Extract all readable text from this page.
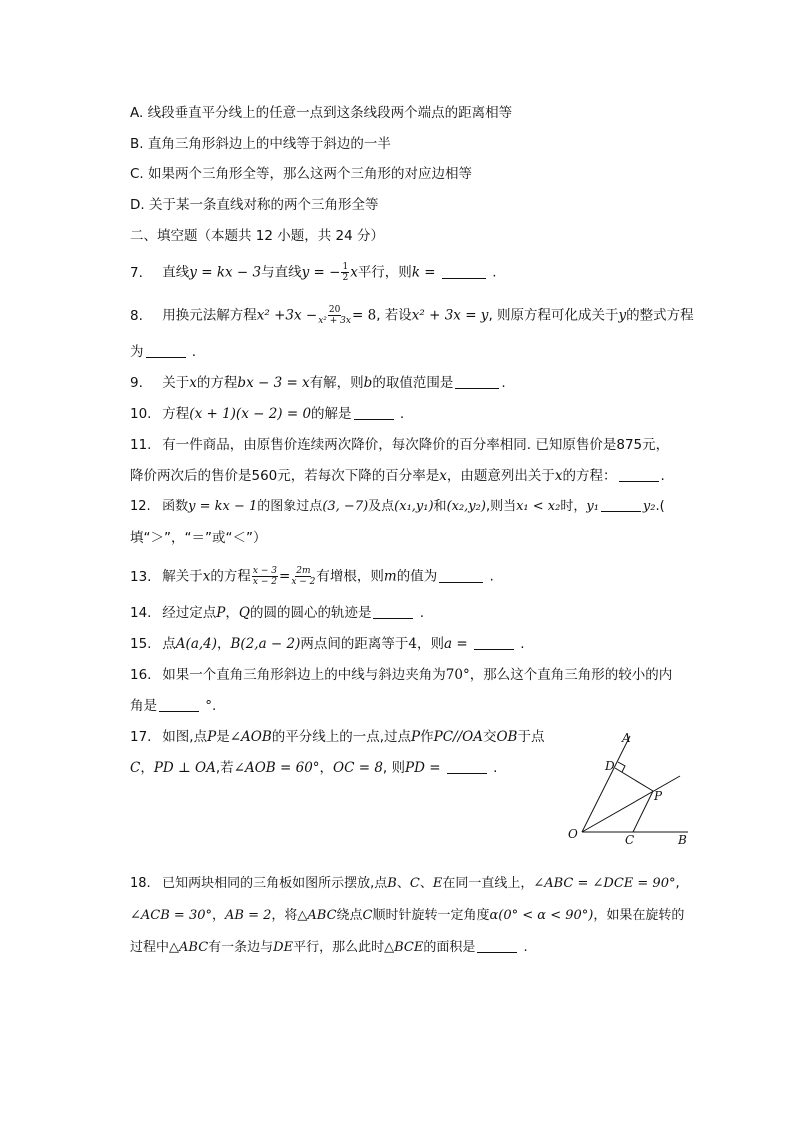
A. 线段垂直平分线上的任意一点到这条线段两个端点的距离相等
B. 直角三角形斜边上的中线等于斜边的一半
C. 如果两个三角形全等，那么这两个三角形的对应边相等
D. 关于某一条直线对称的两个三角形全等
二、填空题（本题共 12 小题，共 24 分）
7. 直线y = kx − 3与直线y = − $\frac{1}{2}$ x平行，则k =	.
8. 用换元法解方程$x^2 +3x - \frac{20}{\text{x² + 3x}} = 8$, 若设x² + 3x = y, 则原方程可化成关于y的整式方程
为	.
9. 关于x的方程bx − 3 = x有解，则b的取值范围是	.
10. 方程(x + 1)(x − 2) = 0的解是	.
11. 有一件商品，由原售价连续两次降价，每次降价的百分率相同. 已知原售价是875元，
降价两次后的售价是560元，若每次下降的百分率是x，由题意列出关于x的方程：	.
12. 函数y = kx − 1的图象过点(3, −7)及点(x₁,y₁)和(x₂,y₂),则当x₁ < x₂时，y₁	y₂.(
填“＞”，“＝”或“＜”）
13. 解关于x的方程 $\frac{x - 3}{x - 2} = \frac{2m}{x - 2}$ 有增根，则m的值为	.
14. 经过定点P，Q的圆的圆心的轨迹是	.
15. 点A(a,4)，B(2,a − 2)两点间的距离等于4，则a =	.
16. 如果一个直角三角形斜边上的中线与斜边夹角为70°，那么这个直角三角形的较小的内
角是	°.
17. 如图,点P是∠AOB的平分线上的一点,过点P作PC//OA交OB于点
C，PD ⊥ OA,若∠AOB = 60°，OC = 8, 则PD =	.
A
D
P
O	C	B
18. 已知两块相同的三角板如图所示摆放,点B、C、E在同一直线上，∠ABC = ∠DCE = 90°,
∠ACB = 30°，AB = 2，将△ABC绕点C顺时针旋转一定角度α(0° < α < 90°)，如果在旋转的
过程中△ABC有一条边与DE平行，那么此时△BCE的面积是	.
